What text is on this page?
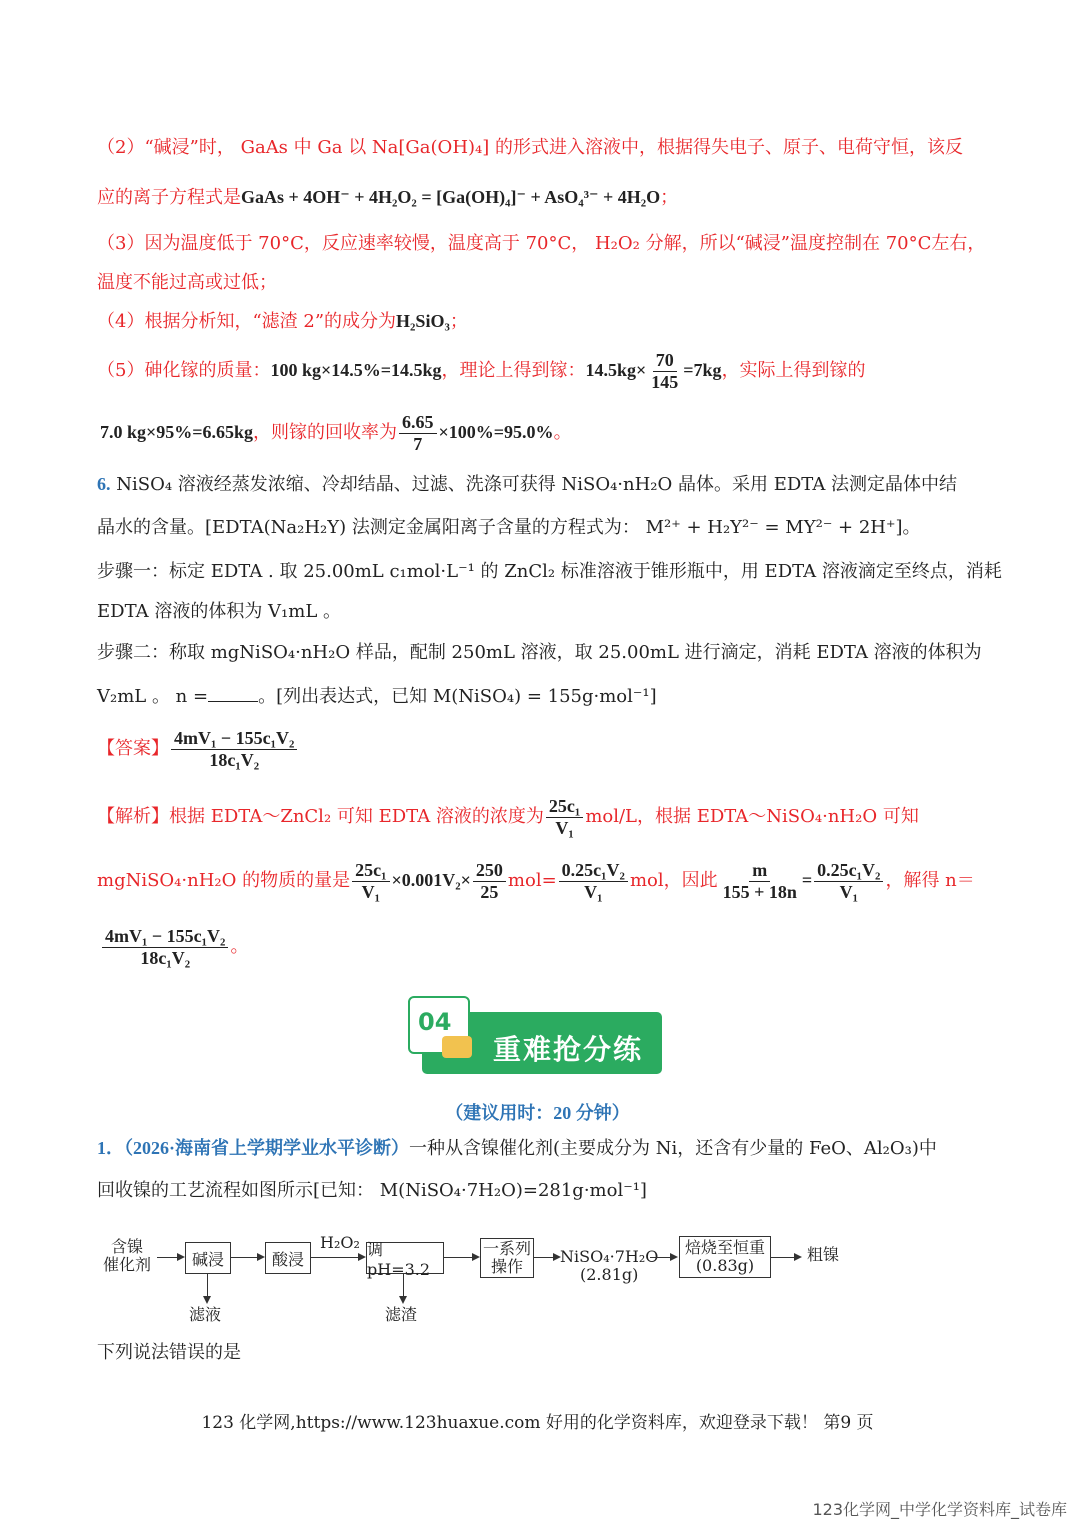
（2）“碱浸”时， GaAs 中 Ga 以 Na[Ga(OH)₄] 的形式进入溶液中，根据得失电子、原子、电荷守恒，该反
应的离子方程式是GaAs + 4OH⁻ + 4H₂O₂ = [Ga(OH)₄]⁻ + AsO₄³⁻ + 4H₂O；
（3）因为温度低于 70°C，反应速率较慢，温度高于 70°C， H₂O₂ 分解，所以“碱浸”温度控制在 70°C左右，
温度不能过高或过低；
（4）根据分析知，“滤渣 2”的成分为H₂SiO₃；
（5）砷化镓的质量：100 kg×14.5%=14.5kg，理论上得到镓：$14.5kg\times \frac{70}{145} =7kg$，实际上得到镓的
7.0 kg×95%=6.65kg，则镓的回收率为 $\frac{6.65}{7} \times 100\%=95.0\%$。
6. NiSO₄ 溶液经蒸发浓缩、冷却结晶、过滤、洗涤可获得 NiSO₄·nH₂O 晶体。采用 EDTA 法测定晶体中结
晶水的含量。[EDTA(Na₂H₂Y) 法测定金属阳离子含量的方程式为： M²⁺ + H₂Y²⁻ = MY²⁻ + 2H⁺]。
步骤一：标定 EDTA . 取 25.00mL c₁mol·L⁻¹ 的 ZnCl₂ 标准溶液于锥形瓶中，用 EDTA 溶液滴定至终点，消耗
EDTA 溶液的体积为 V₁mL 。
步骤二：称取 mgNiSO₄·nH₂O 样品，配制 250mL 溶液，取 25.00mL 进行滴定，消耗 EDTA 溶液的体积为
V₂mL 。 n =	。[列出表达式，已知 M(NiSO₄) = 155g·mol⁻¹]
【答案】 $\frac{\text{4mV₁ − 155c₁V₂}}{\text{18c₁V₂}}$
【解析】根据 EDTA～ZnCl₂ 可知 EDTA 溶液的浓度为 $\frac{\text{25c₁}}{\text{V₁}} mol/L$，根据 EDTA～NiSO₄·nH₂O 可知
mgNiSO₄·nH₂O 的物质的量是 $\frac{\text{25c₁}}{\text{V₁}} \times 0.001V_2\times \frac{250}{25} mol= \frac{\text{0.25c₁V₂}}{\text{V₁}}$ mol，因此 $\frac{m}{155 + 18n} = \frac{\text{0.25c₁V₂}}{\text{V₁}}$ ，解得 n＝
$\frac{\text{4mV₁ − 155c₁V₂}}{\text{18c₁V₂}}$ 。
重难抢分练
04
（建议用时：20 分钟）
1．（2026·海南省上学期学业水平诊断）一种从含镍催化剂(主要成分为 Ni，还含有少量的 FeO、Al₂O₃)中
回收镍的工艺流程如图所示[已知： M(NiSO₄·7H₂O)=281g·mol⁻¹]
含镍
催化剂	碱浸
滤液
酸浸
H₂O₂ 调pH=3.2
滤渣
一系列
操作
NiSO₄·7H₂O
(2.81g)
焙烧至恒重
(0.83g)
粗镍
下列说法错误的是
123 化学网,https://www.123huaxue.com 好用的化学资料库，欢迎登录下载！ 第9 页
123化学网_中学化学资料库_试卷库
